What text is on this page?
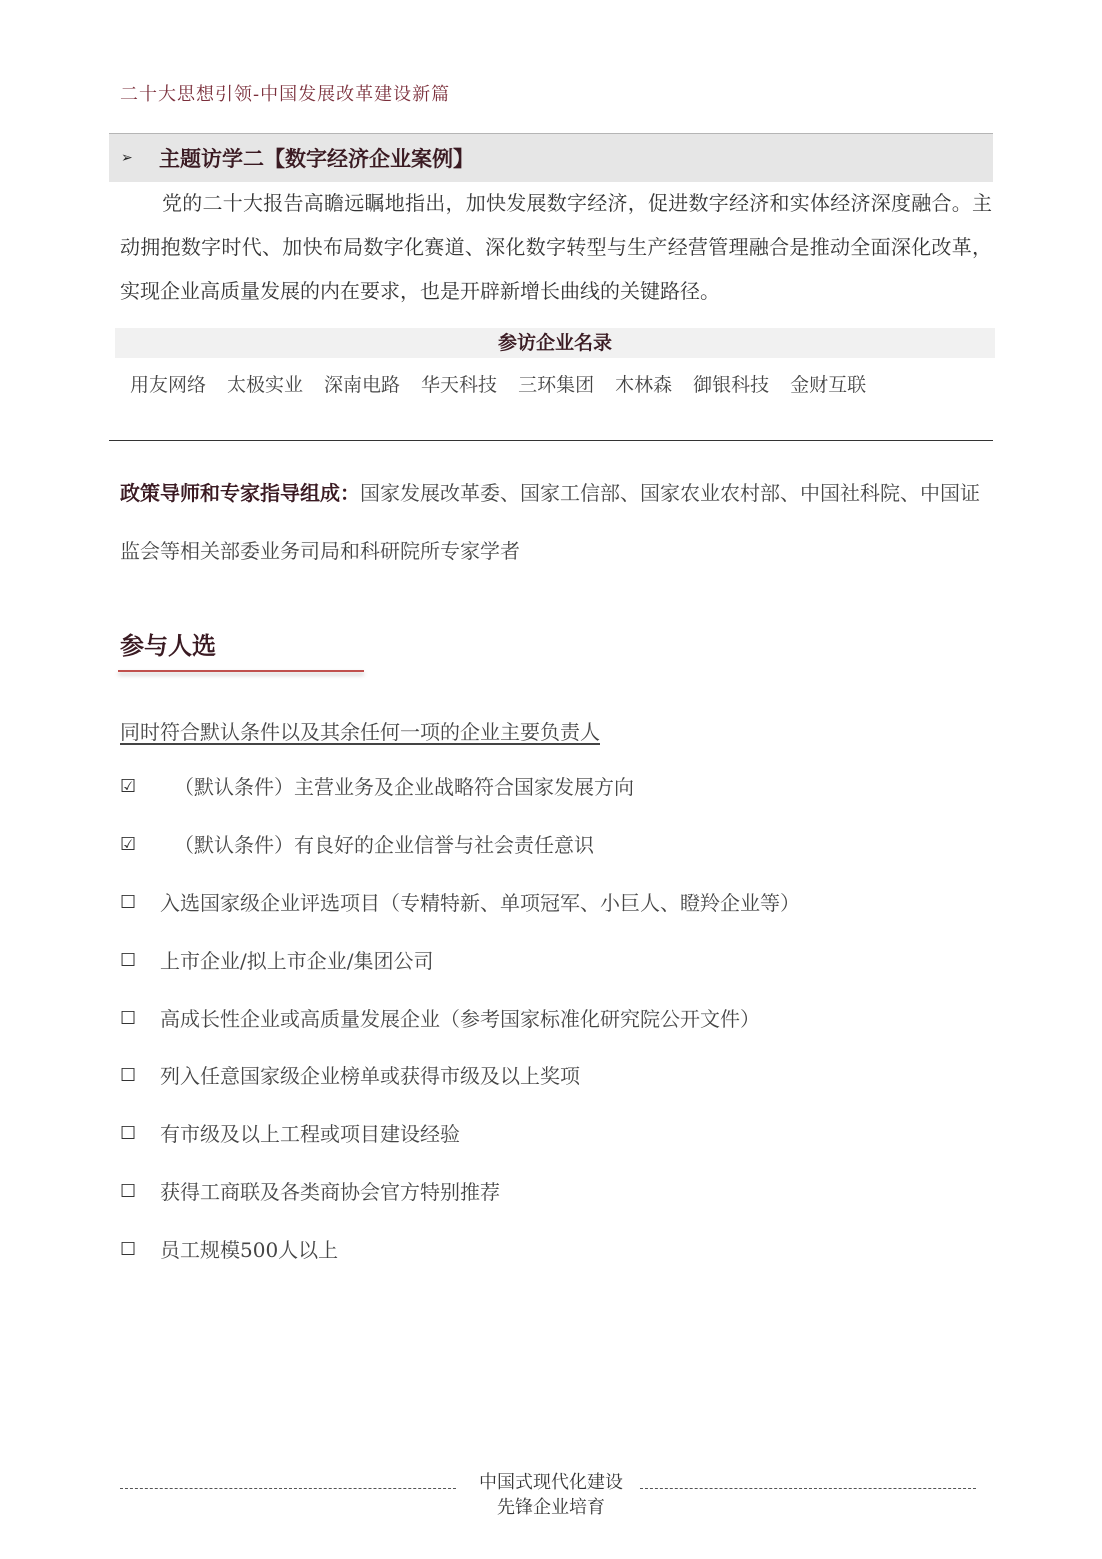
二十大思想引领-中国发展改革建设新篇
➢ 主题访学二【数字经济企业案例】
党的二十大报告高瞻远瞩地指出，加快发展数字经济，促进数字经济和实体经济深度融合。主动拥抱数字时代、加快布局数字化赛道、深化数字转型与生产经营管理融合是推动全面深化改革，实现企业高质量发展的内在要求，也是开辟新增长曲线的关键路径。
参访企业名录
用友网络 太极实业 深南电路 华天科技 三环集团 木林森 御银科技 金财互联
政策导师和专家指导组成：国家发展改革委、国家工信部、国家农业农村部、中国社科院、中国证监会等相关部委业务司局和科研院所专家学者
参与人选
同时符合默认条件以及其余任何一项的企业主要负责人
☑ （默认条件）主营业务及企业战略符合国家发展方向
☑ （默认条件）有良好的企业信誉与社会责任意识
☐ 入选国家级企业评选项目（专精特新、单项冠军、小巨人、瞪羚企业等）
☐ 上市企业/拟上市企业/集团公司
☐ 高成长性企业或高质量发展企业（参考国家标准化研究院公开文件）
☐ 列入任意国家级企业榜单或获得市级及以上奖项
☐ 有市级及以上工程或项目建设经验
☐ 获得工商联及各类商协会官方特别推荐
☐ 员工规模500人以上
中国式现代化建设
先锋企业培育
